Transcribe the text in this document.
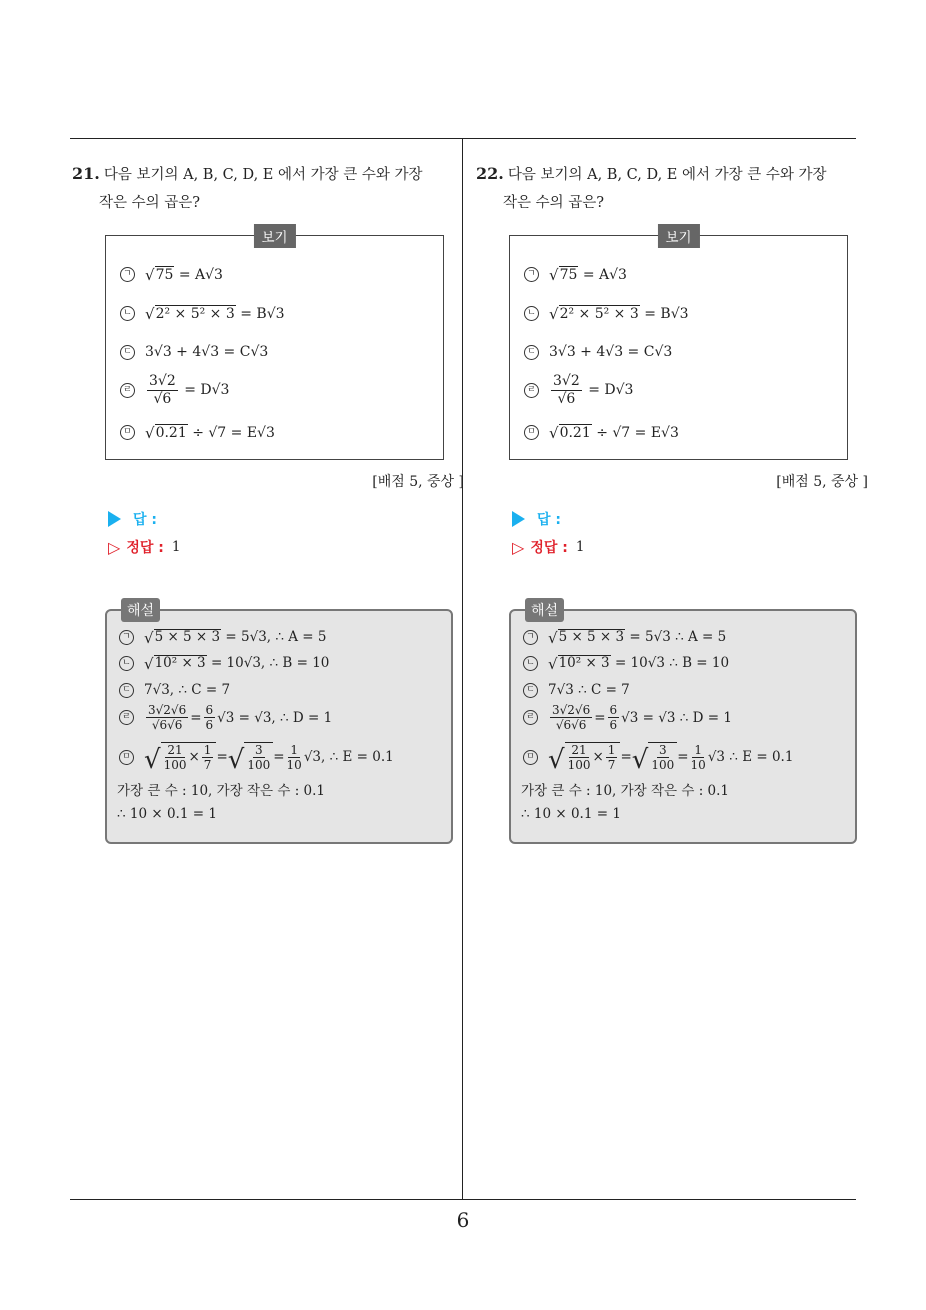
6
21. 다음 보기의 A, B, C, D, E 에서 가장 큰 수와 가장
작은 수의 곱은?
보기
ㄱ √ 75
= A√3
ㄴ √ 2² × 5² × 3
= B√3
ㄷ 3√3 + 4√3 = C√3
ㄹ $\frac{3√2}{√6}$
= D√3
ㅁ √ 0.21
÷ √7 = E√3
[배점 5, 중상 ]
답 :
▷ 정답 : 1
해설
ㄱ √ 5 × 5 × 3
= 5√3, ∴ A = 5
ㄴ √ 10² × 3
= 10√3, ∴ B = 10
ㄷ 7√3, ∴ C = 7
ㄹ $\frac{3√2√6}{√6√6} = \frac{6}{6} √3 = √3$, ∴ D = 1
ㅁ √ $\frac{21}{100} \times \frac{1}{7}$ = √ $\frac{3}{100} = \frac{1}{10} √3$, ∴ E = 0.1
가장 큰 수 : 10, 가장 작은 수 : 0.1
∴ 10 × 0.1 = 1
22. 다음 보기의 A, B, C, D, E 에서 가장 큰 수와 가장
작은 수의 곱은?
보기
ㄱ √ 75
= A√3
ㄴ √ 2² × 5² × 3
= B√3
ㄷ 3√3 + 4√3 = C√3
ㄹ $\frac{3√2}{√6}$
= D√3
ㅁ √ 0.21
÷ √7 = E√3
[배점 5, 중상 ]
답 :
▷ 정답 : 1
해설
ㄱ √ 5 × 5 × 3
= 5√3 ∴ A = 5
ㄴ √ 10² × 3
= 10√3 ∴ B = 10
ㄷ 7√3 ∴ C = 7
ㄹ $\frac{3√2√6}{√6√6} = \frac{6}{6} √3 = √3$ ∴ D = 1
ㅁ √ $\frac{21}{100} \times \frac{1}{7}$ = √ $\frac{3}{100} = \frac{1}{10} √3$ ∴ E = 0.1
가장 큰 수 : 10, 가장 작은 수 : 0.1
∴ 10 × 0.1 = 1
